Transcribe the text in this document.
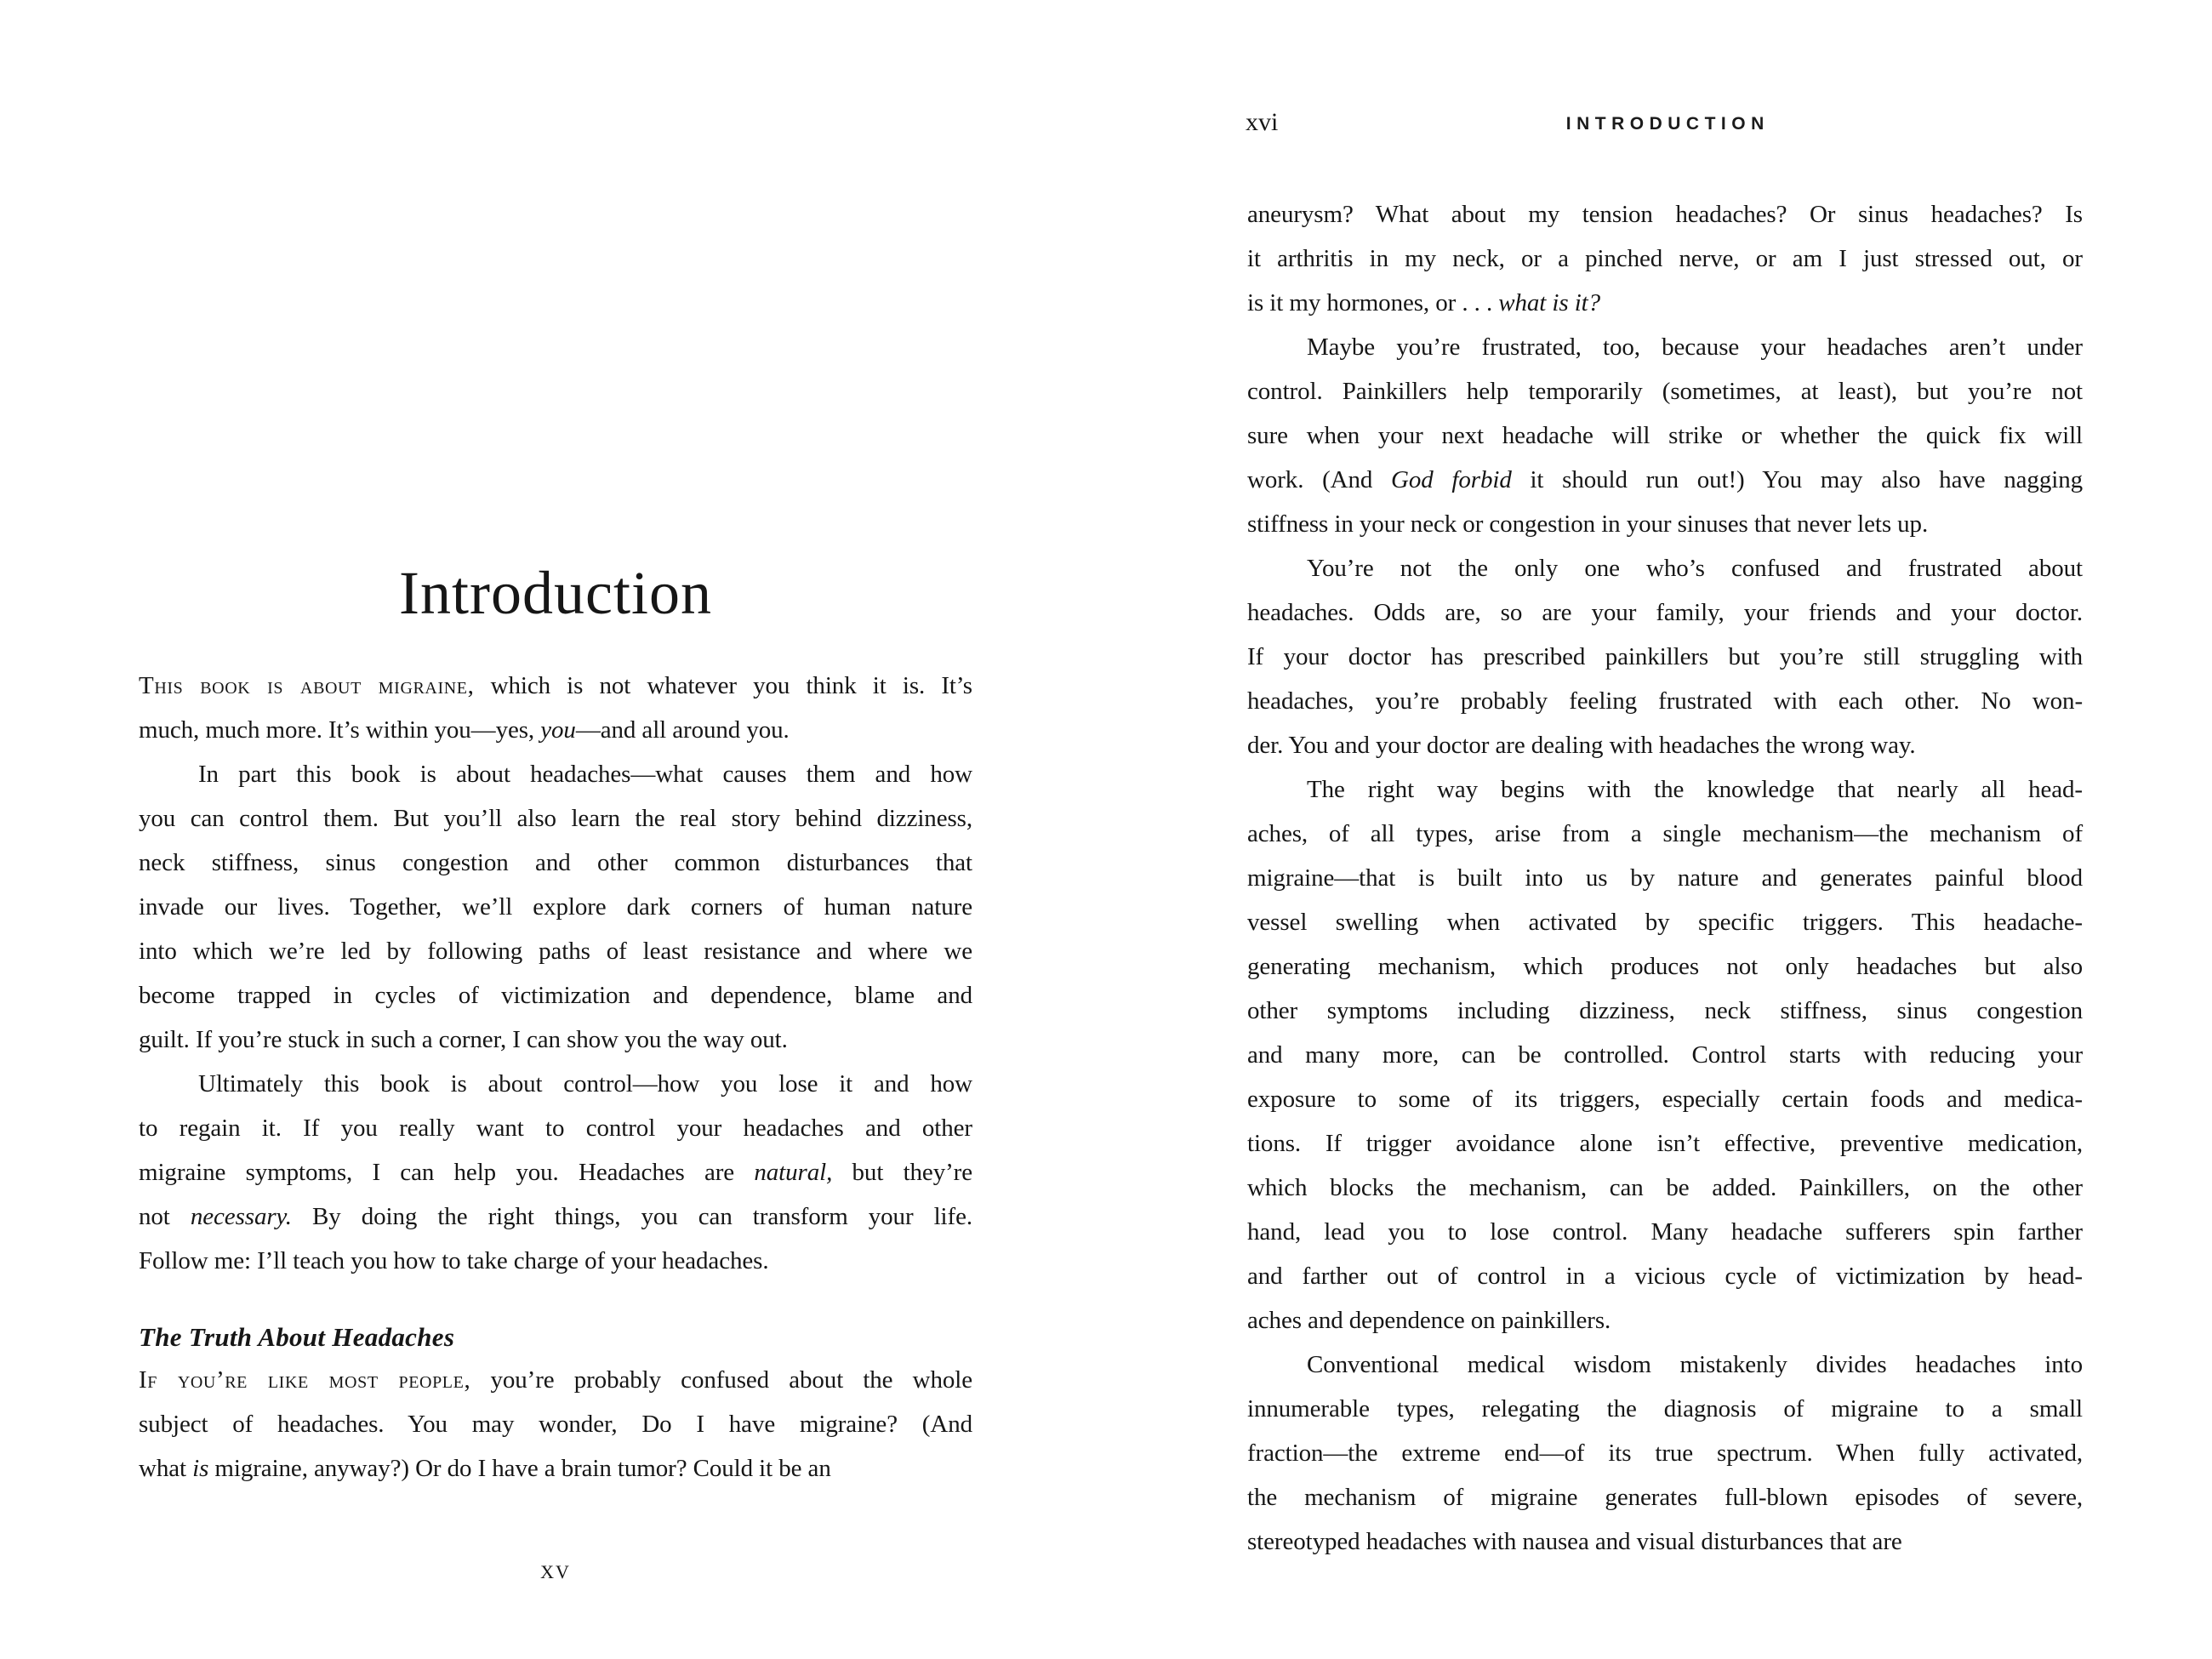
Introduction
This book is about migraine, which is not whatever you think it is. It’s
much, much more. It’s within you—yes, you—and all around you.
In part this book is about headaches—what causes them and how
you can control them. But you’ll also learn the real story behind dizziness,
neck stiffness, sinus congestion and other common disturbances that
invade our lives. Together, we’ll explore dark corners of human nature
into which we’re led by following paths of least resistance and where we
become trapped in cycles of victimization and dependence, blame and
guilt. If you’re stuck in such a corner, I can show you the way out.
Ultimately this book is about control—how you lose it and how
to regain it. If you really want to control your headaches and other
migraine symptoms, I can help you. Headaches are natural, but they’re
not necessary. By doing the right things, you can transform your life.
Follow me: I’ll teach you how to take charge of your headaches.
The Truth About Headaches
If you’re like most people, you’re probably confused about the whole
subject of headaches. You may wonder, Do I have migraine? (And
what is migraine, anyway?) Or do I have a brain tumor? Could it be an
xv
xvi	INTRODUCTION
aneurysm? What about my tension headaches? Or sinus headaches? Is
it arthritis in my neck, or a pinched nerve, or am I just stressed out, or
is it my hormones, or . . . what is it?
Maybe you’re frustrated, too, because your headaches aren’t under
control. Painkillers help temporarily (sometimes, at least), but you’re not
sure when your next headache will strike or whether the quick fix will
work. (And God forbid it should run out!) You may also have nagging
stiffness in your neck or congestion in your sinuses that never lets up.
You’re not the only one who’s confused and frustrated about
headaches. Odds are, so are your family, your friends and your doctor.
If your doctor has prescribed painkillers but you’re still struggling with
headaches, you’re probably feeling frustrated with each other. No won-
der. You and your doctor are dealing with headaches the wrong way.
The right way begins with the knowledge that nearly all head-
aches, of all types, arise from a single mechanism—the mechanism of
migraine—that is built into us by nature and generates painful blood
vessel swelling when activated by specific triggers. This headache-
generating mechanism, which produces not only headaches but also
other symptoms including dizziness, neck stiffness, sinus congestion
and many more, can be controlled. Control starts with reducing your
exposure to some of its triggers, especially certain foods and medica-
tions. If trigger avoidance alone isn’t effective, preventive medication,
which blocks the mechanism, can be added. Painkillers, on the other
hand, lead you to lose control. Many headache sufferers spin farther
and farther out of control in a vicious cycle of victimization by head-
aches and dependence on painkillers.
Conventional medical wisdom mistakenly divides headaches into
innumerable types, relegating the diagnosis of migraine to a small
fraction—the extreme end—of its true spectrum. When fully activated,
the mechanism of migraine generates full-blown episodes of severe,
stereotyped headaches with nausea and visual disturbances that are
